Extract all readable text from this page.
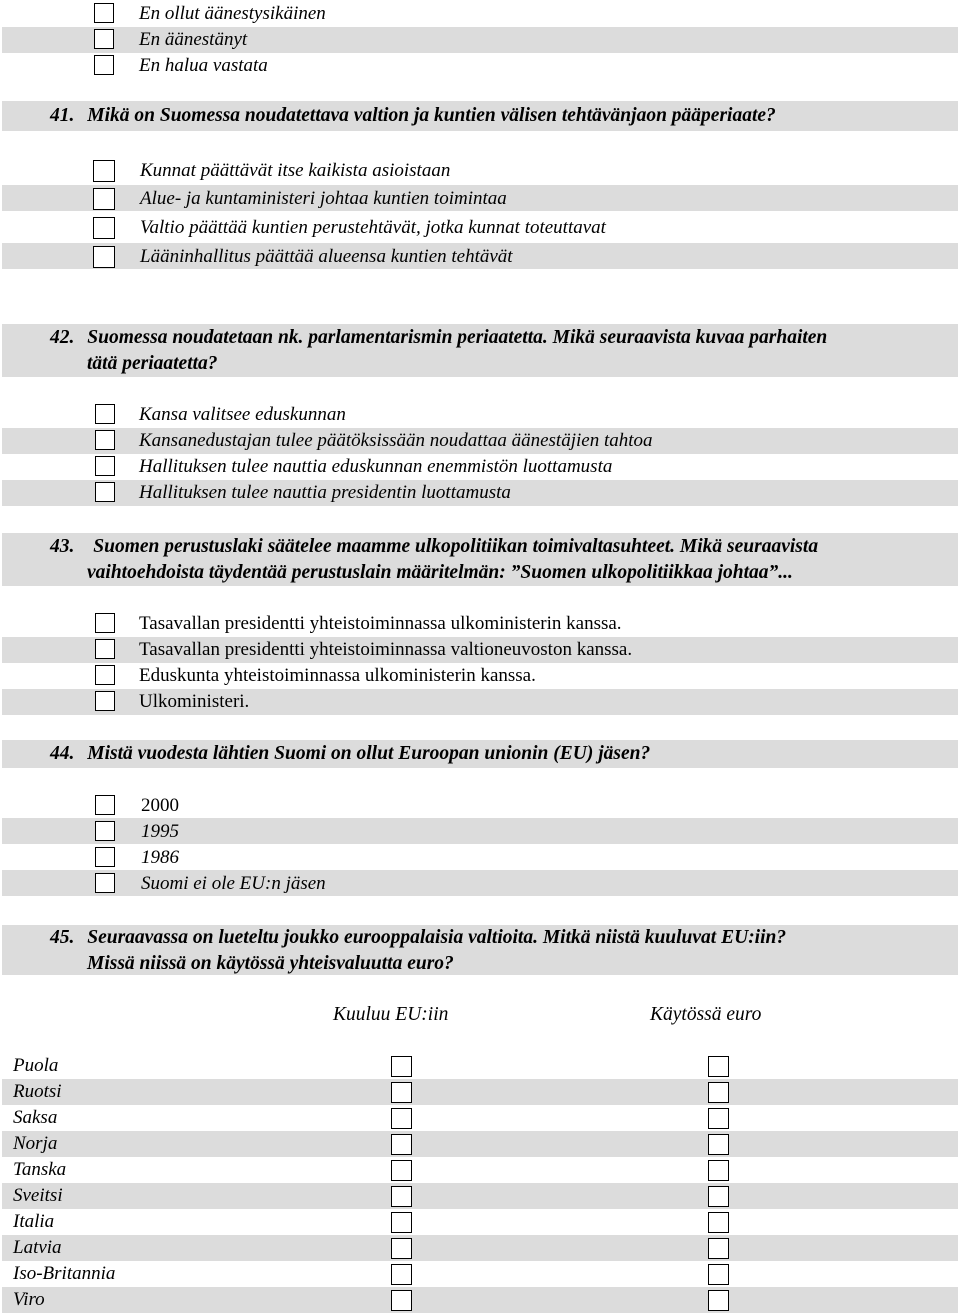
En ollut äänestysikäinen
En äänestänyt
En halua vastata
41. Mikä on Suomessa noudatettava valtion ja kuntien välisen tehtävänjaon pääperiaate?
Kunnat päättävät itse kaikista asioistaan
Alue- ja kuntaministeri johtaa kuntien toimintaa
Valtio päättää kuntien perustehtävät, jotka kunnat toteuttavat
Lääninhallitus päättää alueensa kuntien tehtävät
42. Suomessa noudatetaan nk. parlamentarismin periaatetta. Mikä seuraavista kuvaa parhaiten
tätä periaatetta?
Kansa valitsee eduskunnan
Kansanedustajan tulee päätöksissään noudattaa äänestäjien tahtoa
Hallituksen tulee nauttia eduskunnan enemmistön luottamusta
Hallituksen tulee nauttia presidentin luottamusta
43. Suomen perustuslaki säätelee maamme ulkopolitiikan toimivaltasuhteet. Mikä seuraavista
vaihtoehdoista täydentää perustuslain määritelmän: ”Suomen ulkopolitiikkaa johtaa”...
Tasavallan presidentti yhteistoiminnassa ulkoministerin kanssa.
Tasavallan presidentti yhteistoiminnassa valtioneuvoston kanssa.
Eduskunta yhteistoiminnassa ulkoministerin kanssa.
Ulkoministeri.
44. Mistä vuodesta lähtien Suomi on ollut Euroopan unionin (EU) jäsen?
2000
1995
1986
Suomi ei ole EU:n jäsen
45. Seuraavassa on lueteltu joukko eurooppalaisia valtioita. Mitkä niistä kuuluvat EU:iin?
Missä niissä on käytössä yhteisvaluutta euro?
Kuuluu EU:iin	Käytössä euro
Puola
Ruotsi
Saksa
Norja
Tanska
Sveitsi
Italia
Latvia
Iso-Britannia
Viro
